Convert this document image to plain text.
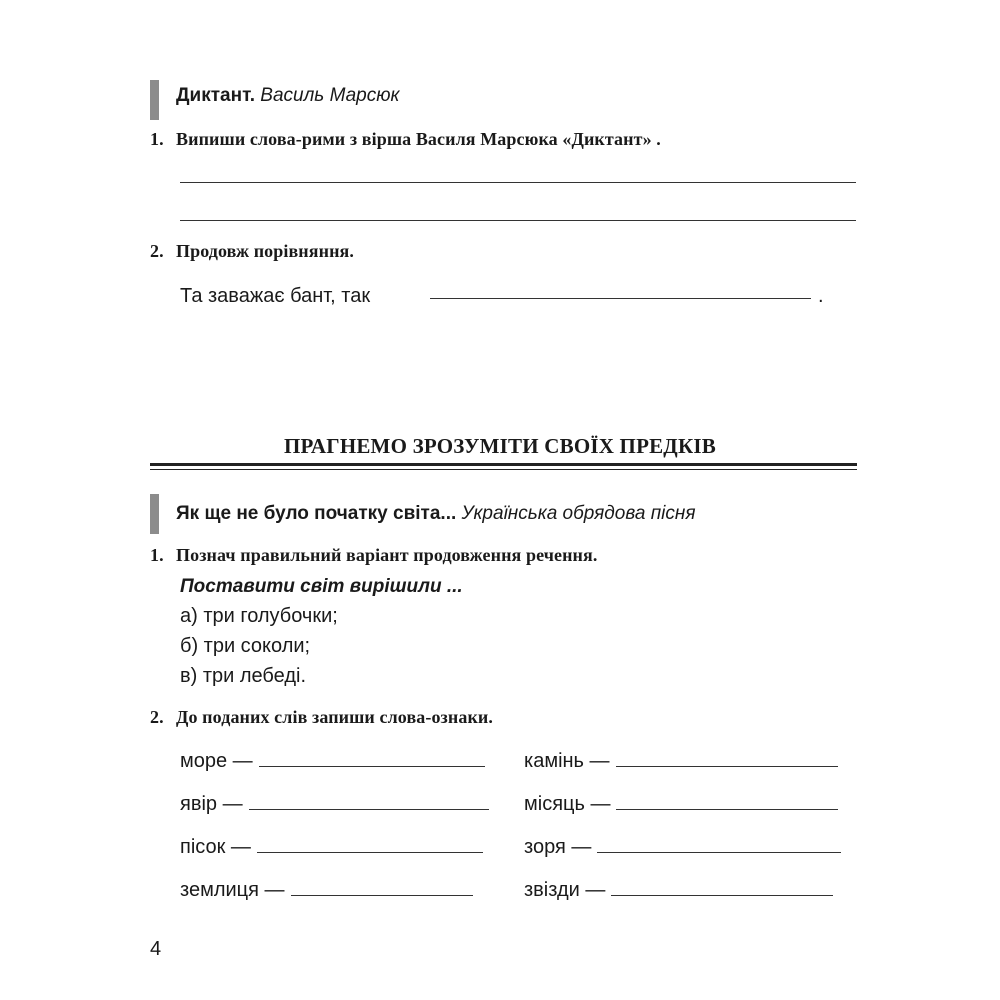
Диктант. Василь Марсюк
1. Випиши слова-рими з вірша Василя Марсюка «Диктант» .
2. Продовж порівняння.
Та заважає бант, так	.
ПРАГНЕМО ЗРОЗУМІТИ СВОЇХ ПРЕДКІВ
Як ще не було початку світа... Українська обрядова пісня
1. Познач правильний варіант продовження речення.
Поставити світ вирішили ...
а) три голубочки;
б) три соколи;
в) три лебеді.
2. До поданих слів запиши слова-ознаки.
море —
явір —
пісок —
землиця —
камінь —
місяць —
зоря —
звізди —
4
